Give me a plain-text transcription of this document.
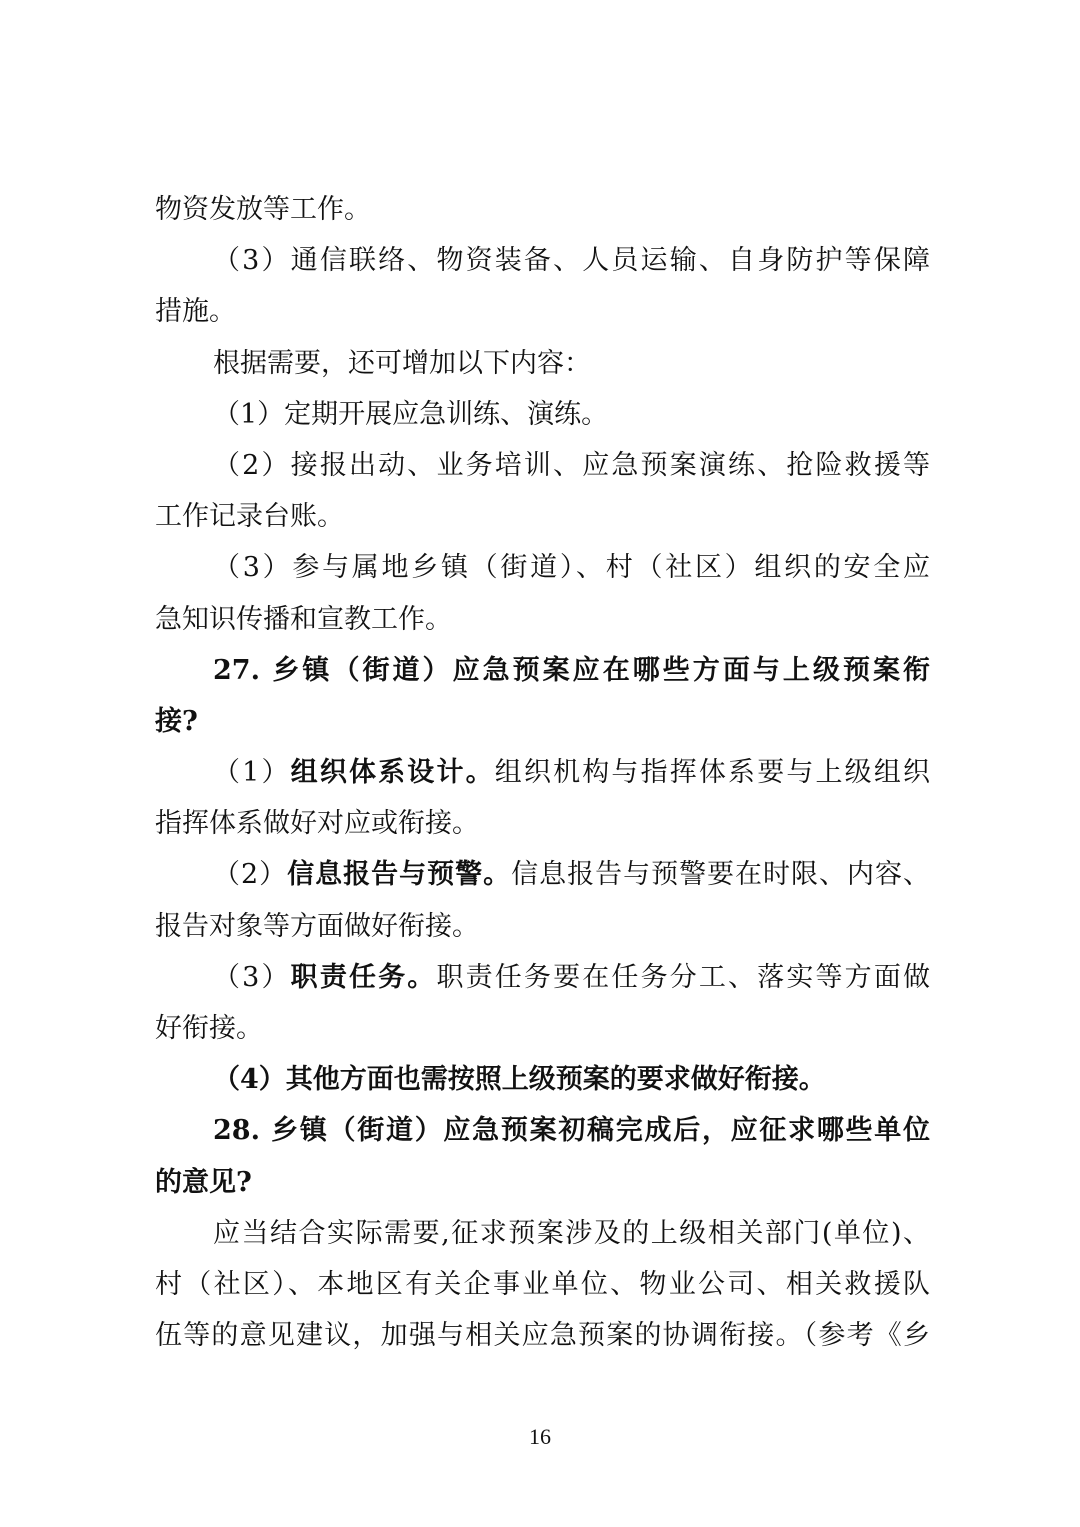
物资发放等工作。
（3）通信联络、物资装备、人员运输、自身防护等保障
措施。
根据需要，还可增加以下内容：
（1）定期开展应急训练、演练。
（2）接报出动、业务培训、应急预案演练、抢险救援等
工作记录台账。
（3）参与属地乡镇（街道）、村（社区）组织的安全应
急知识传播和宣教工作。
27. 乡镇（街道）应急预案应在哪些方面与上级预案衔
接?
（1）组织体系设计。组织机构与指挥体系要与上级组织
指挥体系做好对应或衔接。
（2）信息报告与预警。信息报告与预警要在时限、内容、
报告对象等方面做好衔接。
（3）职责任务。职责任务要在任务分工、落实等方面做
好衔接。
（4）其他方面也需按照上级预案的要求做好衔接。
28. 乡镇（街道）应急预案初稿完成后，应征求哪些单位
的意见?
应当结合实际需要,征求预案涉及的上级相关部门(单位)、
村（社区）、本地区有关企事业单位、物业公司、相关救援队
伍等的意见建议，加强与相关应急预案的协调衔接。（参考《乡
16
